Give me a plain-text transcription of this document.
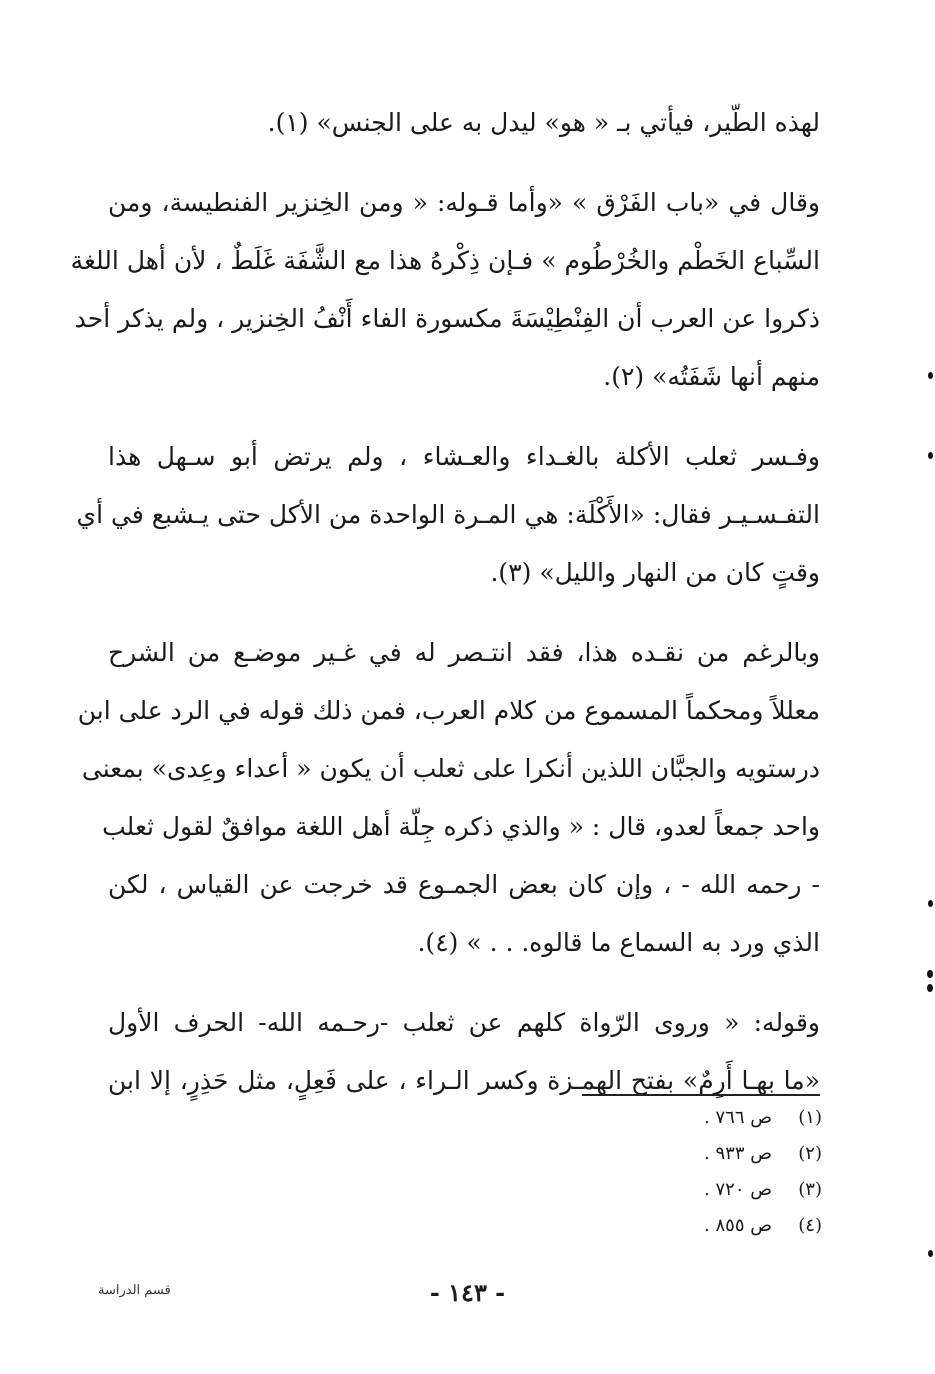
لهذه الطّير، فيأتي بـ « هو» ليدل به على الجنس» (١).
وقال في «باب الفَرْق » «وأما قـوله: « ومن الخِنزير الفنطيسة، ومن
السِّباع الخَطْم والخُرْطُوم » فـإن ذِكْرهُ هذا مع الشَّفَة غَلَطٌ ، لأن أهل اللغة
ذكروا عن العرب أن الفِنْطِيْسَةَ مكسورة الفاء أَنْفُ الخِنزير ، ولم يذكر أحد
منهم أنها شَفَتُه» (٢).
وفـسر ثعلب الأكلة بالغـداء والعـشاء ، ولم يرتض أبو سـهل هذا
التفـسـيـر فقال: «الأَكْلَة: هي المـرة الواحدة من الأكل حتى يـشبع في أي
وقتٍ كان من النهار والليل» (٣).
وبالرغم من نقـده هذا، فقد انتـصر له في غـير موضـع من الشرح
معللاً ومحكماً المسموع من كلام العرب، فمن ذلك قوله في الرد على ابن
درستويه والجبَّان اللذين أنكرا على ثعلب أن يكون « أعداء وعِدى» بمعنى
واحد جمعاً لعدو، قال : « والذي ذكره جِلّة أهل اللغة موافقٌ لقول ثعلب
- رحمه الله - ، وإن كان بعض الجمـوع قد خرجت عن القياس ، لكن
الذي ورد به السماع ما قالوه. . . » (٤).
وقوله: « وروى الرّواة كلهم عن ثعلب -رحـمه الله- الحرف الأول
«ما بهـا أَرِمٌ» بفتح الهمـزة وكسر الـراء ، على فَعِلٍ، مثل حَذِرٍ، إلا ابن
(١)
ص ٧٦٦ .
(٢)
ص ٩٣٣ .
(٣)
ص ٧٢٠ .
(٤)
ص ٨٥٥ .
- ١٤٣ -
قسم الدراسة
